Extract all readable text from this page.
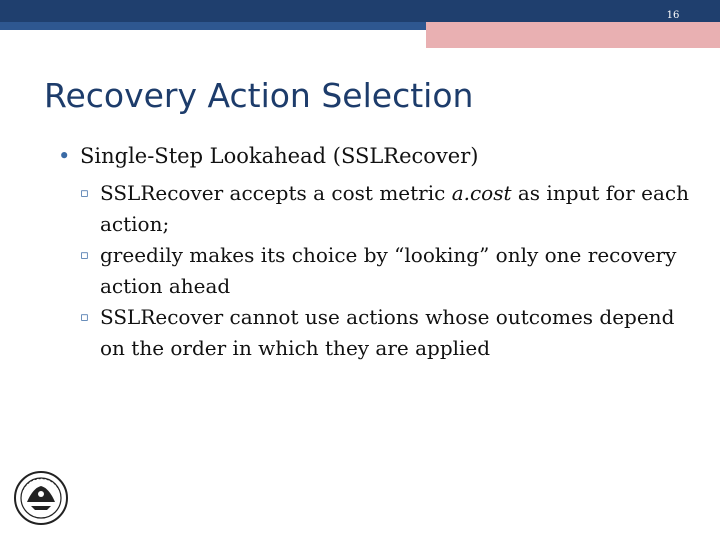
16
Recovery Action Selection
• Single-Step Lookahead (SSLRecover)
▫ SSLRecover accepts a cost metric a.cost as input for each action;
▫ greedily makes its choice by “looking” only one recovery action ahead
▫ SSLRecover cannot use actions whose outcomes depend on the order in which they are applied
